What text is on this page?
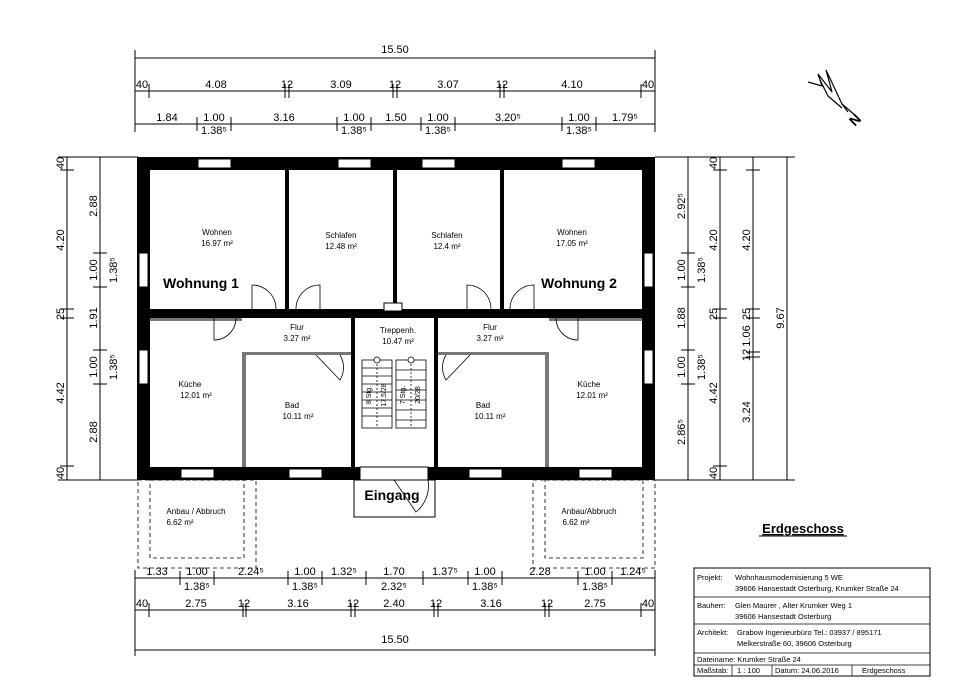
15.50
40	4.08	12	3.09	12	3.07	12	4.10	40
1.84 1.00
1.38⁵
3.16	1.00
1.38⁵
1.50 1.00
1.38⁵
3.20⁵	1.00
1.38⁵
1.79⁵	N
40
4.20
25
4.42
40
2.88
1.00 1.38⁵
1.91
1.00 1.38⁵
2.88
2.92⁵
1.00 1.38⁵
1.88
1.00 1.38⁵
2.86⁵
40
4.20
25
4.42
40
4.20
25
1.06
12
3.24
9.67
8 Stg. 17.5/28 7 Stg. 20/28
Eingang
Wohnen
16.97 m²
Schlafen
12.48 m²
Schlafen
12.4 m²
Wohnen
17.05 m²
Flur
3.27 m²
Treppenh.
10.47 m²
Flur
3.27 m²
Küche
12.01 m²
Bad
10.11 m²
Bad
10.11 m²
Küche
12.01 m²
Anbau / Abbruch
6.62 m²
Anbau/Abbruch
6.62 m²
Wohnung 1	Wohnung 2
1.33 1.00
1.38⁵
2.24⁵	1.00
1.38⁵
1.32⁵ 1.70
2.32⁵
1.37⁵ 1.00
1.38⁵
2.28	1.00
1.38⁵
1.24⁵
40	2.75	12	3.16	12 2.40 12	3.16	12	2.75	40
15.50
Erdgeschoss
Projekt: Wohnhausmodernisierung 5 WE
39606 Hansestadt Osterburg, Krumker Straße 24
Bauherr: Glen Maurer , Alter Krumker Weg 1
39606 Hansestadt Osterburg
Architekt: Grabow Ingenieurbüro Tel.: 03937 / 895171
Melkerstraße 60, 39606 Osterburg
Dateiname: Krumker Straße 24
Maßstab: 1 : 100 Datum: 24.06.2016	Erdgeschoss
